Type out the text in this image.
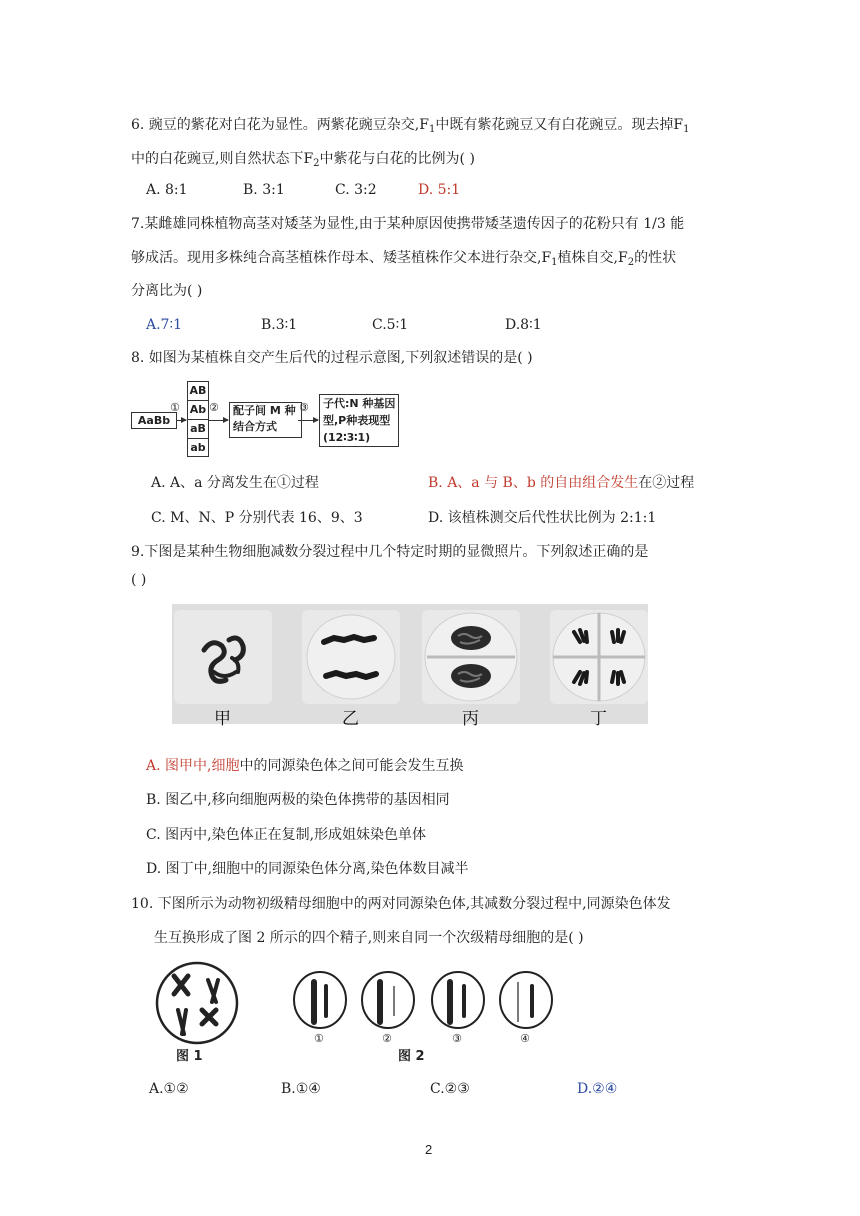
6. 豌豆的紫花对白花为显性。两紫花豌豆杂交$,F_1$中既有紫花豌豆又有白花豌豆。现去掉$F_1$
中的白花豌豆,则自然状态下$F_2$中紫花与白花的比例为( )
A. 8:1	B. 3:1	C. 3:2	D. 5:1
7.某雌雄同株植物高茎对矮茎为显性,由于某种原因使携带矮茎遗传因子的花粉只有 1/3 能
够成活。现用多株纯合高茎植株作母本、矮茎植株作父本进行杂交$,F_1$植株自交$,F_2$的性状
分离比为( )
A.7∶1	B.3∶1	C.5∶1	D.8∶1
8. 如图为某植株自交产生后代的过程示意图,下列叙述错误的是( )
AaBb
①
AB
Ab
aB
ab
② 配子间 M 种
结合方式
③ 子代:N 种基因
型,P种表现型
(12∶3∶1)
A. A、a 分离发生在①过程	B. A、a 与 B、b 的自由组合发生在②过程
C. M、N、P 分别代表 16、9、3	D. 该植株测交后代性状比例为 2:1:1
9.下图是某种生物细胞减数分裂过程中几个特定时期的显微照片。下列叙述正确的是
( )
甲	乙	丙	丁
A. 图甲中,细胞中的同源染色体之间可能会发生互换
B. 图乙中,移向细胞两极的染色体携带的基因相同
C. 图丙中,染色体正在复制,形成姐妹染色单体
D. 图丁中,细胞中的同源染色体分离,染色体数目减半
10. 下图所示为动物初级精母细胞中的两对同源染色体,其减数分裂过程中,同源染色体发
生互换形成了图 2 所示的四个精子,则来自同一个次级精母细胞的是( )
图 1
①	②	③	④
图 2
A.①②	B.①④	C.②③	D.②④
2
